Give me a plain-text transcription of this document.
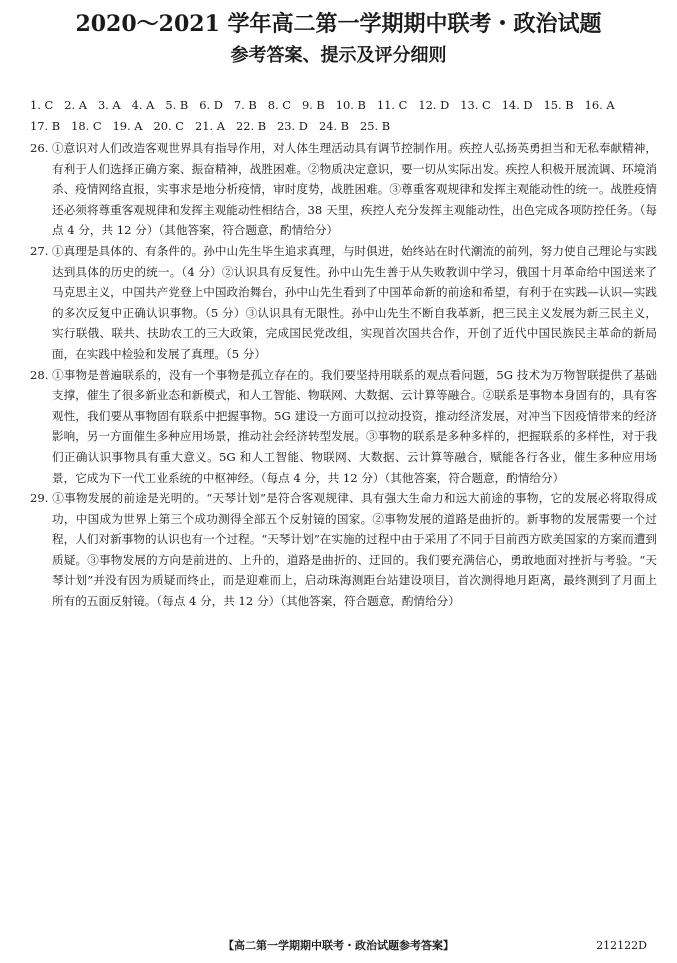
2020～2021 学年高二第一学期期中联考・政治试题
参考答案、提示及评分细则
1. C 2. A 3. A 4. A 5. B 6. D 7. B 8. C 9. B 10. B 11. C 12. D 13. C 14. D 15. B 16. A
17. B 18. C 19. A 20. C 21. A 22. B 23. D 24. B 25. B

26. ①意识对人们改造客观世界具有指导作用，对人体生理活动具有调节控制作用。疾控人弘扬英勇担当和无私奉献精神，有利于人们选择正确方案、振奋精神，战胜困难。②物质决定意识，要一切从实际出发。疾控人积极开展流调、环境消杀、疫情网络直报，实事求是地分析疫情，审时度势，战胜困难。③尊重客观规律和发挥主观能动性的统一。战胜疫情还必须将尊重客观规律和发挥主观能动性相结合，38 天里，疾控人充分发挥主观能动性，出色完成各项防控任务。（每点 4 分，共 12 分）（其他答案，符合题意，酌情给分）

27. ①真理是具体的、有条件的。孙中山先生毕生追求真理，与时俱进，始终站在时代潮流的前列，努力使自己理论与实践达到具体的历史的统一。（4 分）②认识具有反复性。孙中山先生善于从失败教训中学习，俄国十月革命给中国送来了马克思主义，中国共产党登上中国政治舞台，孙中山先生看到了中国革命新的前途和希望，有利于在实践—认识—实践的多次反复中正确认识事物。（5 分）③认识具有无限性。孙中山先生不断自我革新，把三民主义发展为新三民主义，实行联俄、联共、扶助农工的三大政策，完成国民党改组，实现首次国共合作，开创了近代中国民族民主革命的新局面，在实践中检验和发展了真理。（5 分）

28. ①事物是普遍联系的，没有一个事物是孤立存在的。我们要坚持用联系的观点看问题，5G 技术为万物智联提供了基础支撑，催生了很多新业态和新模式，和人工智能、物联网、大数据、云计算等融合。②联系是事物本身固有的，具有客观性，我们要从事物固有联系中把握事物。5G 建设一方面可以拉动投资，推动经济发展，对冲当下因疫情带来的经济影响，另一方面催生多种应用场景，推动社会经济转型发展。③事物的联系是多种多样的，把握联系的多样性，对于我们正确认识事物具有重大意义。5G 和人工智能、物联网、大数据、云计算等融合，赋能各行各业，催生多种应用场景，它成为下一代工业系统的中枢神经。（每点 4 分，共 12 分）（其他答案，符合题意，酌情给分）

29. ①事物发展的前途是光明的。“天琴计划”是符合客观规律、具有强大生命力和远大前途的事物，它的发展必将取得成功，中国成为世界上第三个成功测得全部五个反射镜的国家。②事物发展的道路是曲折的。新事物的发展需要一个过程，人们对新事物的认识也有一个过程。“天琴计划”在实施的过程中由于采用了不同于目前西方欧美国家的方案而遭到质疑。③事物发展的方向是前进的、上升的，道路是曲折的、迂回的。我们要充满信心，勇敢地面对挫折与考验。“天琴计划”并没有因为质疑而终止，而是迎难而上，启动珠海测距台站建设项目，首次测得地月距离，最终测到了月面上所有的五面反射镜。（每点 4 分，共 12 分）（其他答案，符合题意，酌情给分）

【高二第一学期期中联考・政治试题参考答案】	212122D
